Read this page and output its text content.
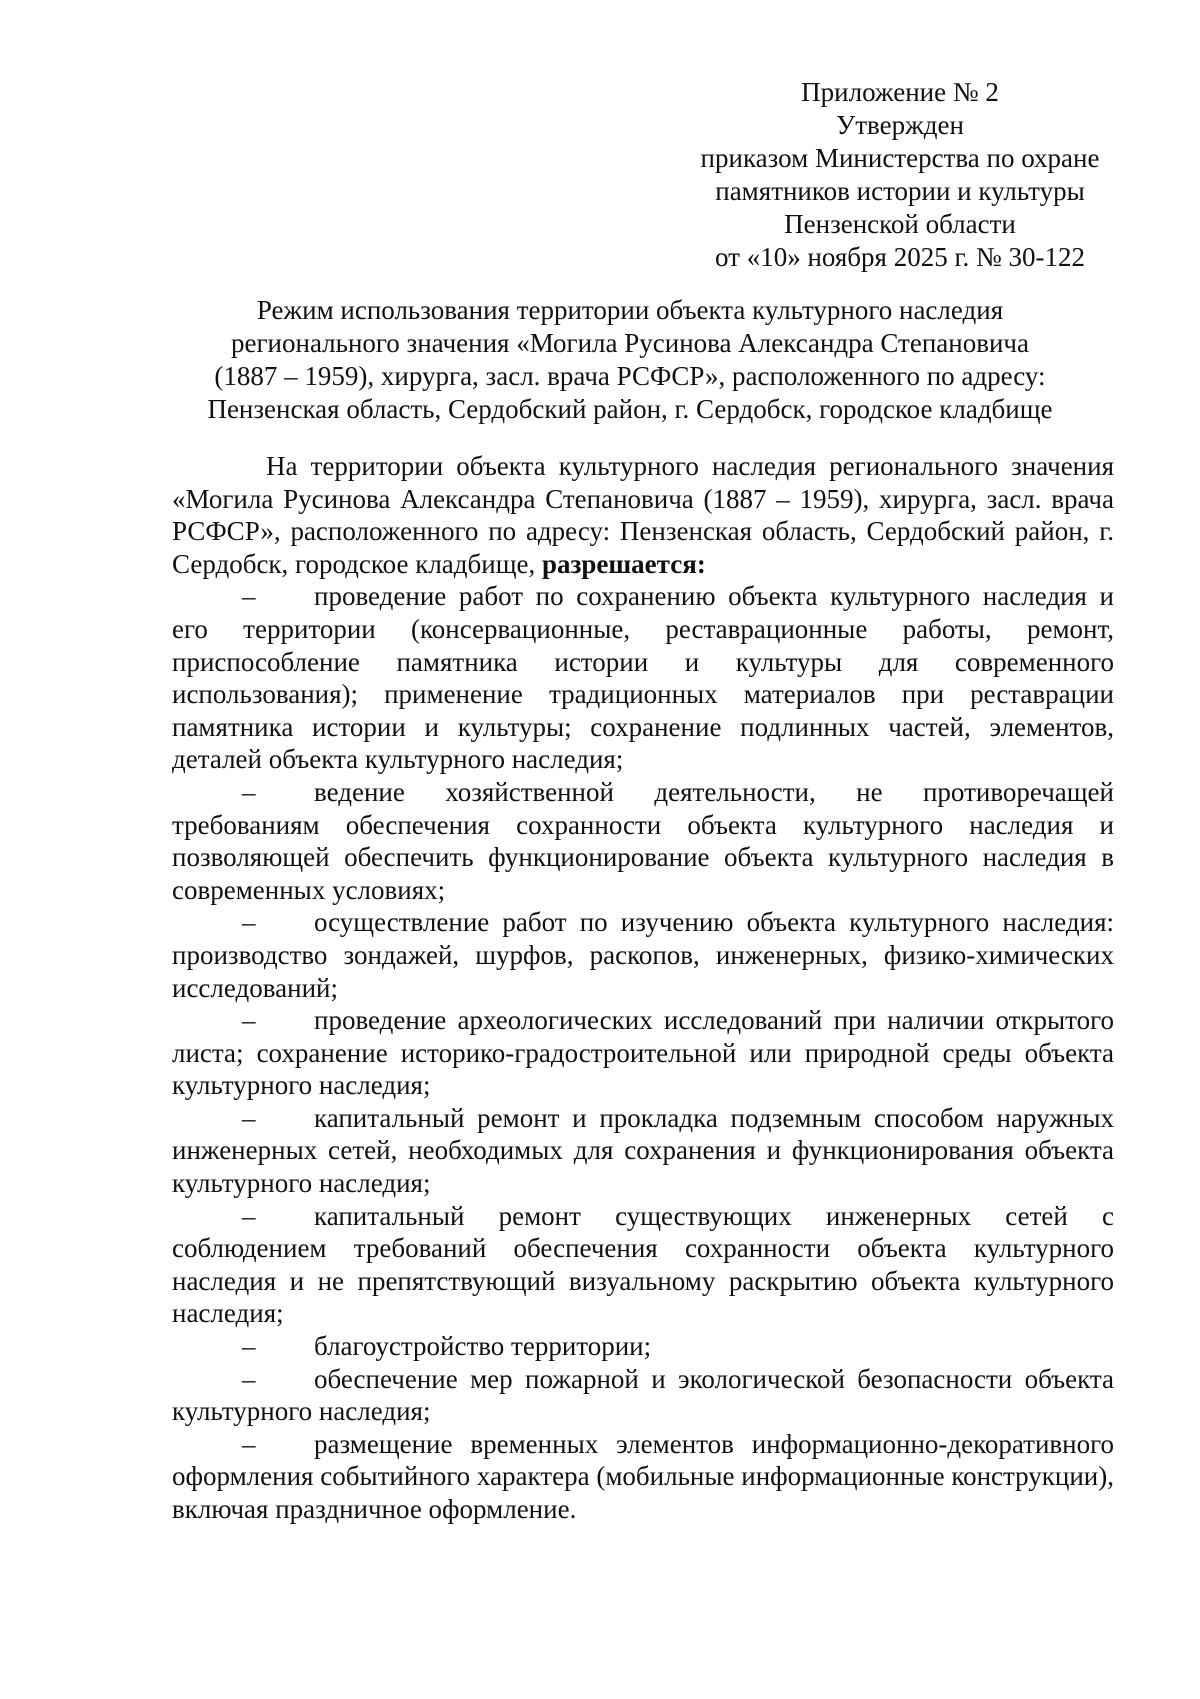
Приложение № 2
Утвержден
приказом Министерства по охране
памятников истории и культуры
Пензенской области
от «10» ноября 2025 г. № 30-122
Режим использования территории объекта культурного наследия
регионального значения «Могила Русинова Александра Степановича
(1887 – 1959), хирурга, засл. врача РСФСР», расположенного по адресу:
Пензенская область, Сердобский район, г. Сердобск, городское кладбище

На территории объекта культурного наследия регионального значения «Могила Русинова Александра Степановича (1887 – 1959), хирурга, засл. врача РСФСР», расположенного по адресу: Пензенская область, Сердобский район, г. Сердобск, городское кладбище, разрешается:

– проведение работ по сохранению объекта культурного наследия и его территории (консервационные, реставрационные работы, ремонт, приспособление памятника истории и культуры для современного использования); применение традиционных материалов при реставрации памятника истории и культуры; сохранение подлинных частей, элементов, деталей объекта культурного наследия;
– ведение хозяйственной деятельности, не противоречащей требованиям обеспечения сохранности объекта культурного наследия и позволяющей обеспечить функционирование объекта культурного наследия в современных условиях;
– осуществление работ по изучению объекта культурного наследия: производство зондажей, шурфов, раскопов, инженерных, физико-химических исследований;
– проведение археологических исследований при наличии открытого листа; сохранение историко-градостроительной или природной среды объекта культурного наследия;
– капитальный ремонт и прокладка подземным способом наружных инженерных сетей, необходимых для сохранения и функционирования объекта культурного наследия;
– капитальный ремонт существующих инженерных сетей с соблюдением требований обеспечения сохранности объекта культурного наследия и не препятствующий визуальному раскрытию объекта культурного наследия;
– благоустройство территории;
– обеспечение мер пожарной и экологической безопасности объекта культурного наследия;
– размещение временных элементов информационно-декоративного оформления событийного характера (мобильные информационные конструкции), включая праздничное оформление.
